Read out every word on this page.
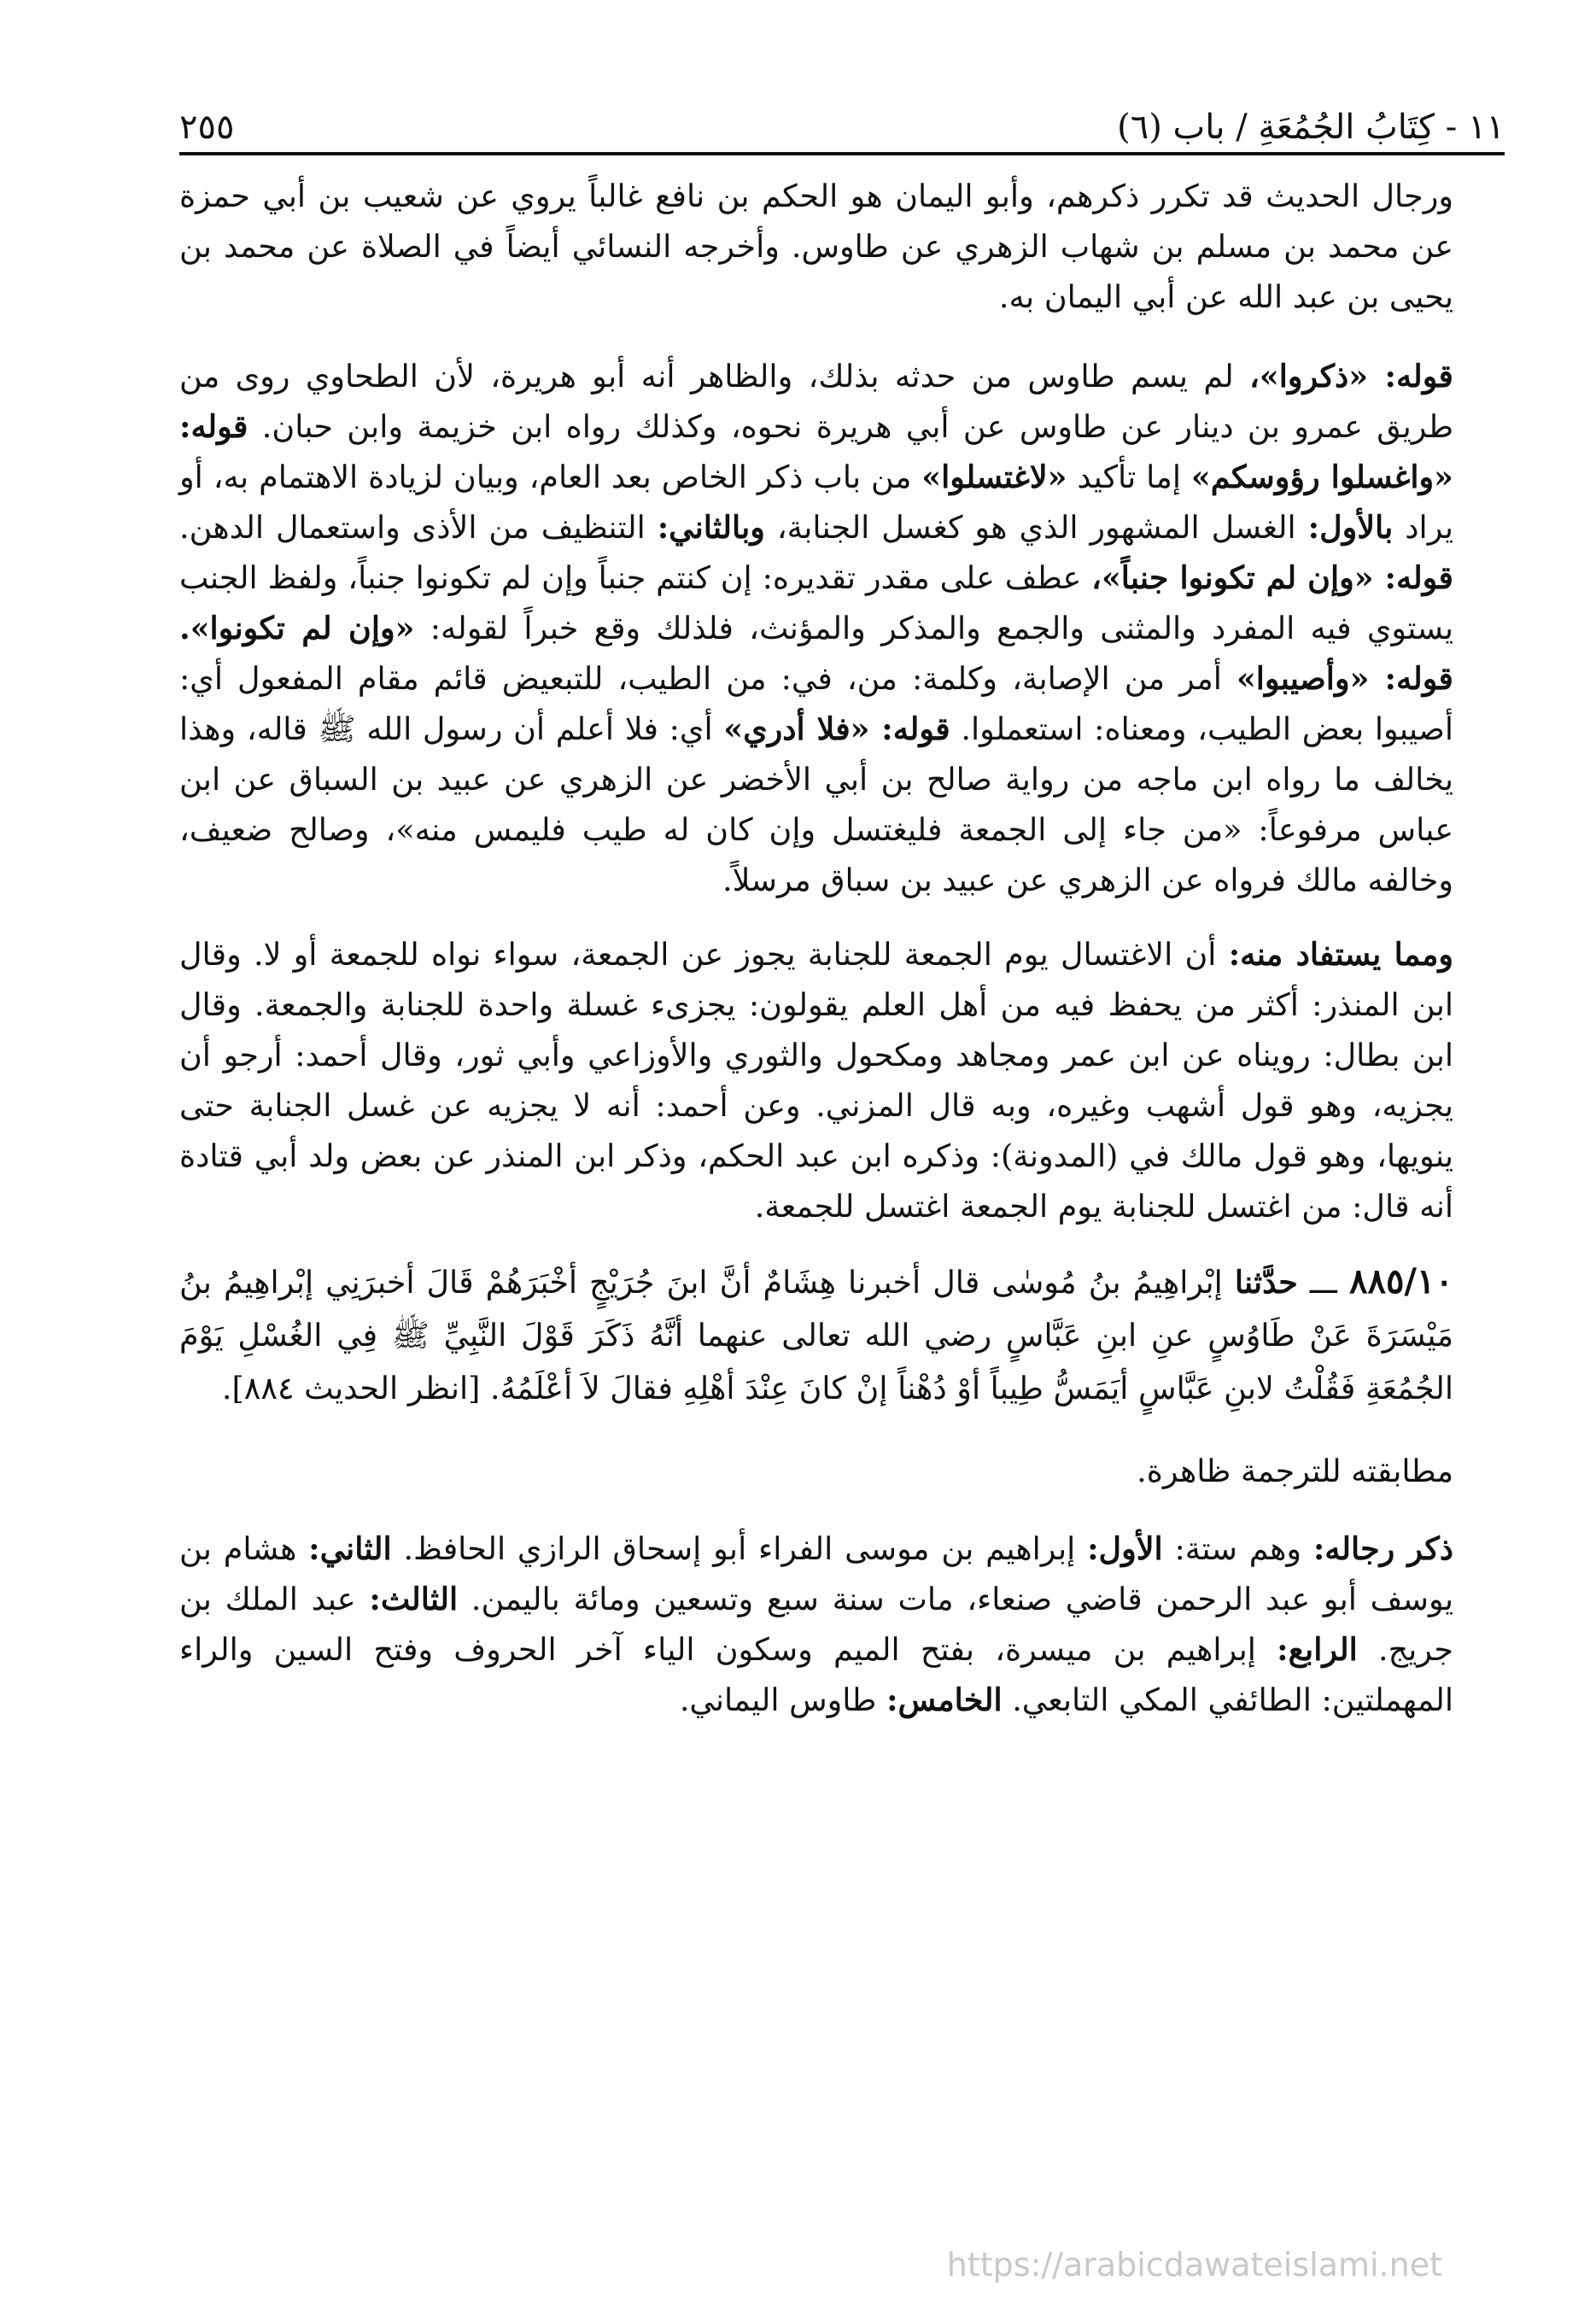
١١ - كِتَابُ الجُمُعَةِ / باب (٦)
٢٥٥

ورجال الحديث قد تكرر ذكرهم، وأبو اليمان هو الحكم بن نافع غالباً يروي عن شعيب بن أبي حمزة عن محمد بن مسلم بن شهاب الزهري عن طاوس. وأخرجه النسائي أيضاً في الصلاة عن محمد بن يحيى بن عبد الله عن أبي اليمان به.

قوله: «ذكروا»، لم يسم طاوس من حدثه بذلك، والظاهر أنه أبو هريرة، لأن الطحاوي روى من طريق عمرو بن دينار عن طاوس عن أبي هريرة نحوه، وكذلك رواه ابن خزيمة وابن حبان. قوله: «واغسلوا رؤوسكم» إما تأكيد «لاغتسلوا» من باب ذكر الخاص بعد العام، وبيان لزيادة الاهتمام به، أو يراد بالأول: الغسل المشهور الذي هو كغسل الجنابة، وبالثاني: التنظيف من الأذى واستعمال الدهن. قوله: «وإن لم تكونوا جنباً»، عطف على مقدر تقديره: إن كنتم جنباً وإن لم تكونوا جنباً، ولفظ الجنب يستوي فيه المفرد والمثنى والجمع والمذكر والمؤنث، فلذلك وقع خبراً لقوله: «وإن لم تكونوا». قوله: «وأصيبوا» أمر من الإصابة، وكلمة: من، في: من الطيب، للتبعيض قائم مقام المفعول أي: أصيبوا بعض الطيب، ومعناه: استعملوا. قوله: «فلا أدري» أي: فلا أعلم أن رسول الله ﷺ قاله، وهذا يخالف ما رواه ابن ماجه من رواية صالح بن أبي الأخضر عن الزهري عن عبيد بن السباق عن ابن عباس مرفوعاً: «من جاء إلى الجمعة فليغتسل وإن كان له طيب فليمس منه»، وصالح ضعيف، وخالفه مالك فرواه عن الزهري عن عبيد بن سباق مرسلاً.

ومما يستفاد منه: أن الاغتسال يوم الجمعة للجنابة يجوز عن الجمعة، سواء نواه للجمعة أو لا. وقال ابن المنذر: أكثر من يحفظ فيه من أهل العلم يقولون: يجزىء غسلة واحدة للجنابة والجمعة. وقال ابن بطال: رويناه عن ابن عمر ومجاهد ومكحول والثوري والأوزاعي وأبي ثور، وقال أحمد: أرجو أن يجزيه، وهو قول أشهب وغيره، وبه قال المزني. وعن أحمد: أنه لا يجزيه عن غسل الجنابة حتى ينويها، وهو قول مالك في (المدونة): وذكره ابن عبد الحكم، وذكر ابن المنذر عن بعض ولد أبي قتادة أنه قال: من اغتسل للجنابة يوم الجمعة اغتسل للجمعة.

٨٨٥/١٠ ـــ حدَّثنا إبْراهِيمُ بنُ مُوسٰى قال أخبرنا هِشَامٌ أنَّ ابنَ جُرَيْجٍ أخْبَرَهُمْ قَالَ أخبرَنِي إبْراهِيمُ بنُ مَيْسَرَةَ عَنْ طَاوُسٍ عنِ ابنِ عَبَّاسٍ رضي الله تعالى عنهما أنَّهُ ذَكَرَ قَوْلَ النَّبِيِّ ﷺ فِي الغُسْلِ يَوْمَ الجُمُعَةِ فَقُلْتُ لابنِ عَبَّاسٍ أيَمَسُّ طِيباً أوْ دُهْناً إنْ كانَ عِنْدَ أهْلِهِ فقالَ لاَ أعْلَمُهُ. [انظر الحديث ٨٨٤].

مطابقته للترجمة ظاهرة.

ذكر رجاله: وهم ستة: الأول: إبراهيم بن موسى الفراء أبو إسحاق الرازي الحافظ. الثاني: هشام بن يوسف أبو عبد الرحمن قاضي صنعاء، مات سنة سبع وتسعين ومائة باليمن. الثالث: عبد الملك بن جريج. الرابع: إبراهيم بن ميسرة، بفتح الميم وسكون الياء آخر الحروف وفتح السين والراء المهملتين: الطائفي المكي التابعي. الخامس: طاوس اليماني.

https://arabicdawateislami.net
